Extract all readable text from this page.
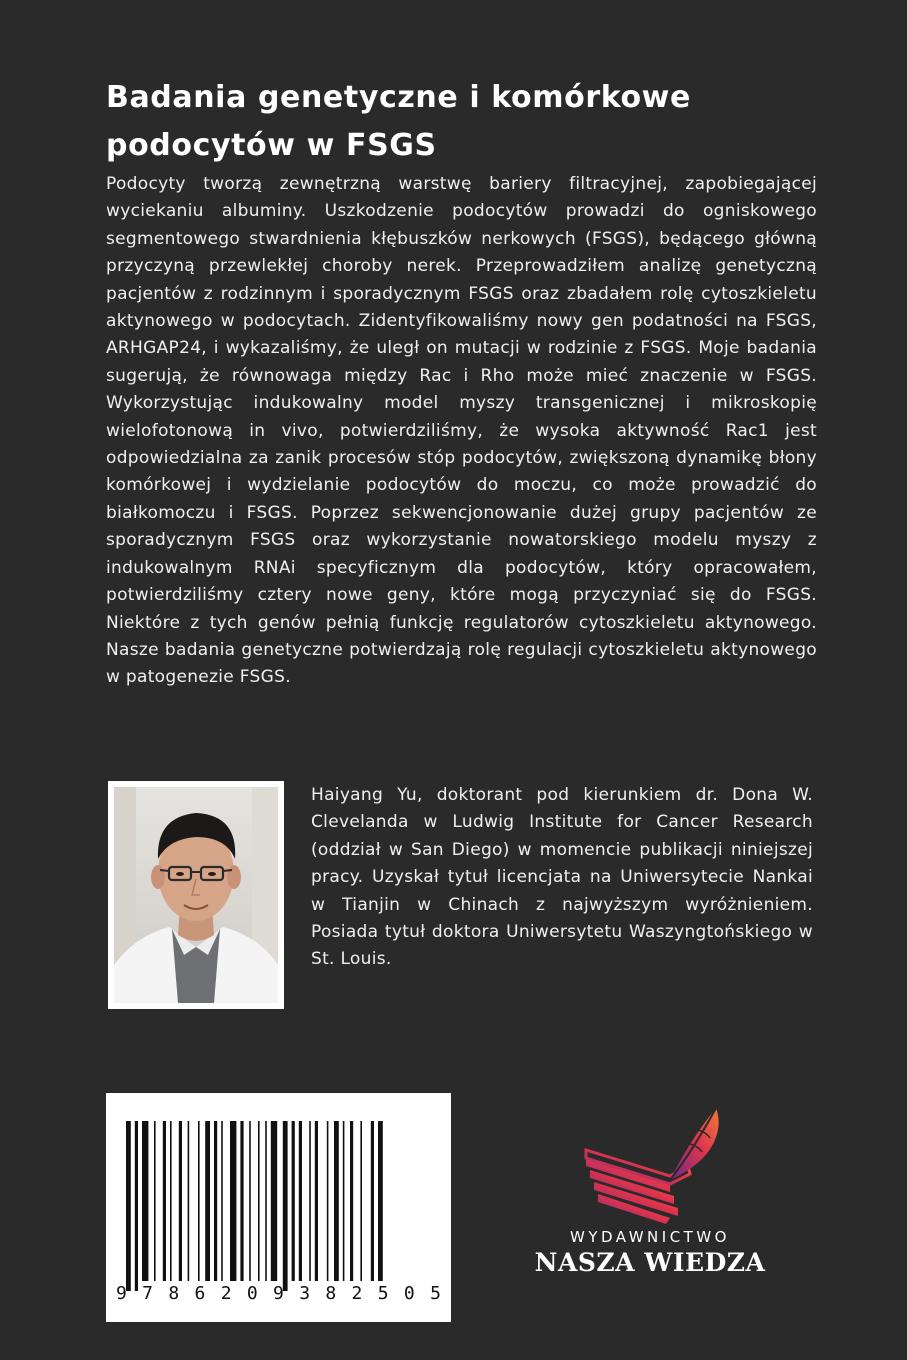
Badania genetyczne i komórkowe podocytów w FSGS

Podocyty tworzą zewnętrzną warstwę bariery filtracyjnej, zapobiegającej wyciekaniu albuminy. Uszkodzenie podocytów prowadzi do ogniskowego segmentowego stwardnienia kłębuszków nerkowych (FSGS), będącego główną przyczyną przewlekłej choroby nerek. Przeprowadziłem analizę genetyczną pacjentów z rodzinnym i sporadycznym FSGS oraz zbadałem rolę cytoszkieletu aktynowego w podocytach. Zidentyfikowaliśmy nowy gen podatności na FSGS, ARHGAP24, i wykazaliśmy, że uległ on mutacji w rodzinie z FSGS. Moje badania sugerują, że równowaga między Rac i Rho może mieć znaczenie w FSGS. Wykorzystując indukowalny model myszy transgenicznej i mikroskopię wielofotonową in vivo, potwierdziliśmy, że wysoka aktywność Rac1 jest odpowiedzialna za zanik procesów stóp podocytów, zwiększoną dynamikę błony komórkowej i wydzielanie podocytów do moczu, co może prowadzić do białkomoczu i FSGS. Poprzez sekwencjonowanie dużej grupy pacjentów ze sporadycznym FSGS oraz wykorzystanie nowatorskiego modelu myszy z indukowalnym RNAi specyficznym dla podocytów, który opracowałem, potwierdziliśmy cztery nowe geny, które mogą przyczyniać się do FSGS. Niektóre z tych genów pełnią funkcję regulatorów cytoszkieletu aktynowego. Nasze badania genetyczne potwierdzają rolę regulacji cytoszkieletu aktynowego w patogenezie FSGS.

Haiyang Yu, doktorant pod kierunkiem dr. Dona W. Clevelanda w Ludwig Institute for Cancer Research (oddział w San Diego) w momencie publikacji niniejszej pracy. Uzyskał tytuł licencjata na Uniwersytecie Nankai w Tianjin w Chinach z najwyższym wyróżnieniem. Posiada tytuł doktora Uniwersytetu Waszyngtońskiego w St. Louis.

9 7 8 6 2 0 9 3 8 2 5 0 5
WYDAWNICTWO
NASZA WIEDZA
